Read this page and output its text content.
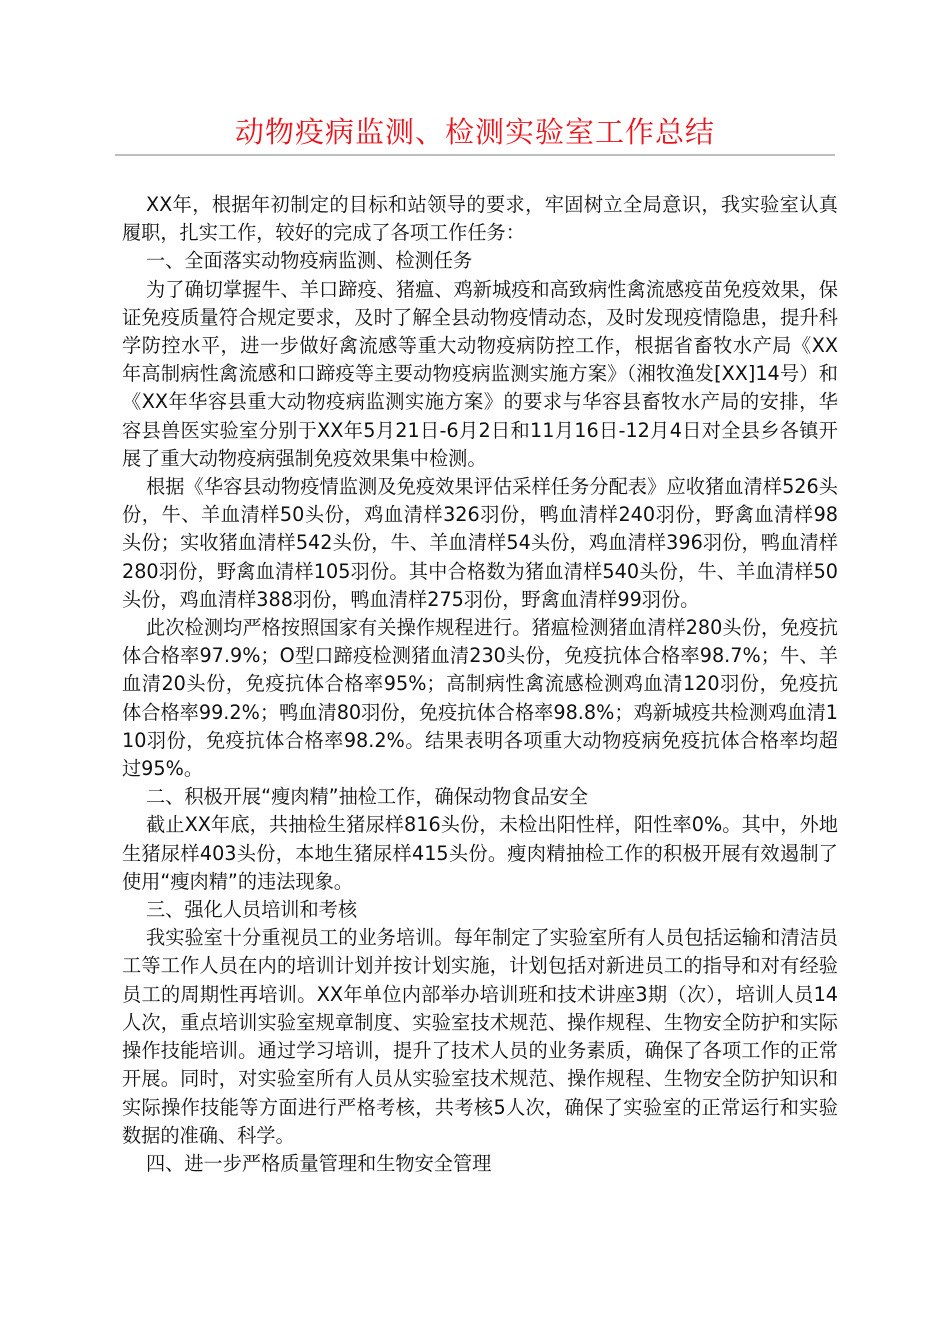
动物疫病监测、检测实验室工作总结

XX年，根据年初制定的目标和站领导的要求，牢固树立全局意识，我实验室认真履职，扎实工作，较好的完成了各项工作任务：

一、全面落实动物疫病监测、检测任务

为了确切掌握牛、羊口蹄疫、猪瘟、鸡新城疫和高致病性禽流感疫苗免疫效果，保证免疫质量符合规定要求，及时了解全县动物疫情动态，及时发现疫情隐患，提升科学防控水平，进一步做好禽流感等重大动物疫病防控工作，根据省畜牧水产局《XX年高制病性禽流感和口蹄疫等主要动物疫病监测实施方案》（湘牧渔发[XX]14号）和《XX年华容县重大动物疫病监测实施方案》的要求与华容县畜牧水产局的安排，华容县兽医实验室分别于XX年5月21日-6月2日和11月16日-12月4日对全县乡各镇开展了重大动物疫病强制免疫效果集中检测。

根据《华容县动物疫情监测及免疫效果评估采样任务分配表》应收猪血清样526头份，牛、羊血清样50头份，鸡血清样326羽份，鸭血清样240羽份，野禽血清样98头份；实收猪血清样542头份，牛、羊血清样54头份，鸡血清样396羽份，鸭血清样280羽份，野禽血清样105羽份。其中合格数为猪血清样540头份，牛、羊血清样50头份，鸡血清样388羽份，鸭血清样275羽份，野禽血清样99羽份。

此次检测均严格按照国家有关操作规程进行。猪瘟检测猪血清样280头份，免疫抗体合格率97.9%；O型口蹄疫检测猪血清230头份，免疫抗体合格率98.7%；牛、羊血清20头份，免疫抗体合格率95%；高制病性禽流感检测鸡血清120羽份，免疫抗体合格率99.2%；鸭血清80羽份，免疫抗体合格率98.8%；鸡新城疫共检测鸡血清110羽份，免疫抗体合格率98.2%。结果表明各项重大动物疫病免疫抗体合格率均超过95%。

二、积极开展“瘦肉精”抽检工作，确保动物食品安全

截止XX年底，共抽检生猪尿样816头份，未检出阳性样，阳性率0%。其中，外地生猪尿样403头份，本地生猪尿样415头份。瘦肉精抽检工作的积极开展有效遏制了使用“瘦肉精”的违法现象。

三、强化人员培训和考核

我实验室十分重视员工的业务培训。每年制定了实验室所有人员包括运输和清洁员工等工作人员在内的培训计划并按计划实施，计划包括对新进员工的指导和对有经验员工的周期性再培训。XX年单位内部举办培训班和技术讲座3期（次），培训人员14人次，重点培训实验室规章制度、实验室技术规范、操作规程、生物安全防护和实际操作技能培训。通过学习培训，提升了技术人员的业务素质，确保了各项工作的正常开展。同时，对实验室所有人员从实验室技术规范、操作规程、生物安全防护知识和实际操作技能等方面进行严格考核，共考核5人次，确保了实验室的正常运行和实验数据的准确、科学。

四、进一步严格质量管理和生物安全管理
